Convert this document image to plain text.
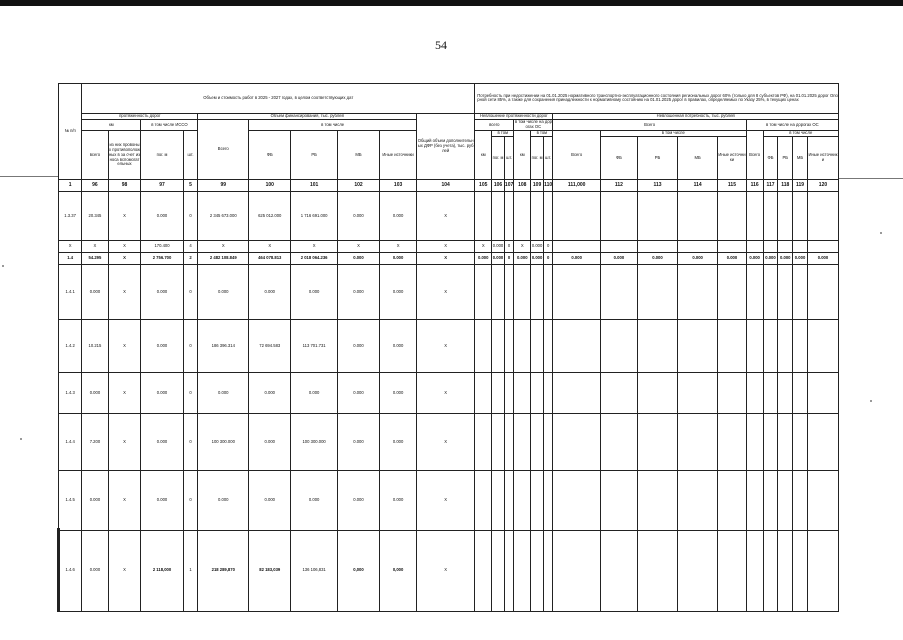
54
№ п/п	Объем и стоимость работ в 2025 - 2027 годах, в целом соответствующих дат										Потребность при недостижении на 01.01.2025 нормативного транспортно-эксплуатационного состояния региональных дорог 60% (только для 8 субъектов РФ), на 01.01.2025 дорог Опорной сети 85%, а также для сохранения принадлежности к нормативному состоянию на 01.01.2025 дорог в правилах, определяемых по Указу 25%, в текущих ценах															
	протяженность дорог				Объем финансирования, тыс. рублей					Общий объем дополнительных ДФР (без учета), тыс. рублей	Невлошение протяженности дорог						Невлошенная потребность, тыс. рублей									
	км		в том числе ИССО		Всего	в том числе					всего			в том числе на дорогах ОС			Всего					в том числе на дорогах ОС				
	всего	из них провоных противоположных в за счет износа вспомогательных	пог. м	шт.		ФБ	РБ	МБ	Иные источники		км	в том		км	в том		Всего	в том числе				Всего	в том числе			
												пог. м	шт.		пог. м	шт.		ФБ	РБ	МБ	Иные источники		ФБ	РБ	МБ	Иные источники
1	96	98	97	5	99	100	101	102	103	104	105	106	107	108	109	110	111,000	112	113	114	115	116	117	118	119	120
1.3.37	20.345	Х	0.000	0	2 345 673.000	625 012.000	1 716 691.000	0.000	0.000	Х																
Х	Х	Х	170.400	4	Х	Х	Х	Х	Х	Х	Х	0.000	0	Х	0.000	0										
1.4	54.295	Х	2 756.700	2	2 482 108.849	464 078.813	2 018 064.236	0.000	0.000	Х	0.000	0.000	0	0.000	0.000	0	0.000	0.000	0.000	0.000	0.000	0.000	0.000	0.000	0.000	0.000
1.4.1	0.000	Х	0.000	0	0.000	0.000	0.000	0.000	0.000	Х																
1.4.2	10.215	Х	0.000	0	186 396.314	72 694.583	113 701.731	0.000	0.000	Х																
1.4.3	0.000	Х	0.000	0	0.000	0.000	0.000	0.000	0.000	Х																
1.4.4	7.200	Х	0.000	0	100 300.000	0.000	100 300.000	0.000	0.000	Х																
1.4.5	0.000	Х	0.000	0	0.000	0.000	0.000	0.000	0.000	Х																
1.4.6	0.000	Х	2 118,000	1	218 289,870	82 183,039	136 106,831	0,000	0,000	Х																
